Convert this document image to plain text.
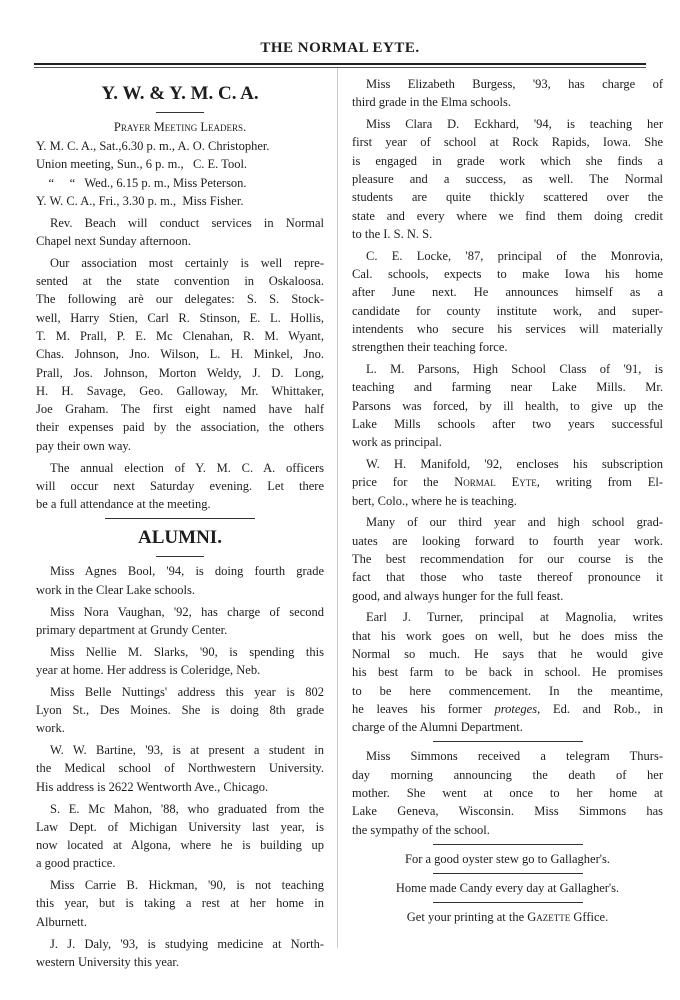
THE NORMAL EYTE.
Y. W. & Y. M. C. A.
Prayer Meeting Leaders.
Y. M. C. A., Sat.,6.30 p. m., A. O. Christopher.
Union meeting, Sun., 6 p. m.,   C. E. Tool.
“     “   Wed., 6.15 p. m., Miss Peterson.
Y. W. C. A., Fri., 3.30 p. m.,  Miss Fisher.
Rev. Beach will conduct services in Normal
Chapel next Sunday afternoon.
Our association most certainly is well repre-
sented at the state convention in Oskaloosa.
The following arè our delegates: S. S. Stock-
well, Harry Stien, Carl R. Stinson, E. L. Hollis,
T. M. Prall, P. E. Mc Clenahan, R. M. Wyant,
Chas. Johnson, Jno. Wilson, L. H. Minkel, Jno.
Prall, Jos. Johnson, Morton Weldy, J. D. Long,
H. H. Savage, Geo. Galloway, Mr. Whittaker,
Joe Graham. The first eight named have half
their expenses paid by the association, the others
pay their own way.
The annual election of Y. M. C. A. officers
will occur next Saturday evening. Let there
be a full attendance at the meeting.
ALUMNI.
Miss Agnes Bool, '94, is doing fourth grade
work in the Clear Lake schools.
Miss Nora Vaughan, '92, has charge of second
primary department at Grundy Center.
Miss Nellie M. Slarks, '90, is spending this
year at home. Her address is Coleridge, Neb.
Miss Belle Nuttings' address this year is 802
Lyon St., Des Moines. She is doing 8th grade
work.
W. W. Bartine, '93, is at present a student in
the Medical school of Northwestern University.
His address is 2622 Wentworth Ave., Chicago.
S. E. Mc Mahon, '88, who graduated from the
Law Dept. of Michigan University last year, is
now located at Algona, where he is building up
a good practice.
Miss Carrie B. Hickman, '90, is not teaching
this year, but is taking a rest at her home in
Alburnett.
J. J. Daly, '93, is studying medicine at North-
western University this year.
Miss Elizabeth Burgess, '93, has charge of
third grade in the Elma schools.
Miss Clara D. Eckhard, '94, is teaching her
first year of school at Rock Rapids, Iowa. She
is engaged in grade work which she finds a
pleasure and a success, as well. The Normal
students are quite thickly scattered over the
state and every where we find them doing credit
to the I. S. N. S.
C. E. Locke, '87, principal of the Monrovia,
Cal. schools, expects to make Iowa his home
after June next. He announces himself as a
candidate for county institute work, and super-
intendents who secure his services will materially
strengthen their teaching force.
L. M. Parsons, High School Class of '91, is
teaching and farming near Lake Mills. Mr.
Parsons was forced, by ill health, to give up the
Lake Mills schools after two years successful
work as principal.
W. H. Manifold, '92, encloses his subscription
price for the Normal Eyte, writing from El-
bert, Colo., where he is teaching.
Many of our third year and high school grad-
uates are looking forward to fourth year work.
The best recommendation for our course is the
fact that those who taste thereof pronounce it
good, and always hunger for the full feast.
Earl J. Turner, principal at Magnolia, writes
that his work goes on well, but he does miss the
Normal so much. He says that he would give
his best farm to be back in school. He promises
to be here commencement. In the meantime,
he leaves his former proteges, Ed. and Rob., in
charge of the Alumni Department.
Miss Simmons received a telegram Thurs-
day morning announcing the death of her
mother. She went at once to her home at
Lake Geneva, Wisconsin. Miss Simmons has
the sympathy of the school.
For a good oyster stew go to Gallagher's.
Home made Candy every day at Gallagher's.
Get your printing at the Gazette Gffice.
